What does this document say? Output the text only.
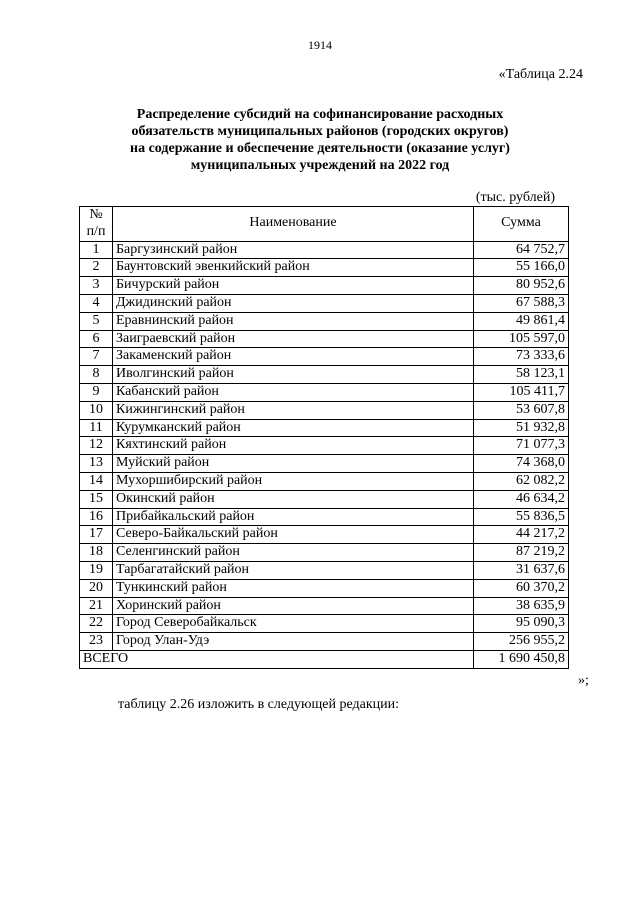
1914
«Таблица 2.24
Распределение субсидий на софинансирование расходных
обязательств муниципальных районов (городских округов)
на содержание и обеспечение деятельности (оказание услуг)
муниципальных учреждений на 2022 год
(тыс. рублей)
№
п/п	Наименование	Сумма
1	Баргузинский район	64 752,7
2	Баунтовский эвенкийский район	55 166,0
3	Бичурский район	80 952,6
4	Джидинский район	67 588,3
5	Еравнинский район	49 861,4
6	Заиграевский район	105 597,0
7	Закаменский район	73 333,6
8	Иволгинский район	58 123,1
9	Кабанский район	105 411,7
10	Кижингинский район	53 607,8
11	Курумканский район	51 932,8
12	Кяхтинский район	71 077,3
13	Муйский район	74 368,0
14	Мухоршибирский район	62 082,2
15	Окинский район	46 634,2
16	Прибайкальский район	55 836,5
17	Северо-Байкальский район	44 217,2
18	Селенгинский район	87 219,2
19	Тарбагатайский район	31 637,6
20	Тункинский район	60 370,2
21	Хоринский район	38 635,9
22	Город Северобайкальск	95 090,3
23	Город Улан-Удэ	256 955,2
ВСЕГО		1 690 450,8
»;
таблицу 2.26 изложить в следующей редакции:
